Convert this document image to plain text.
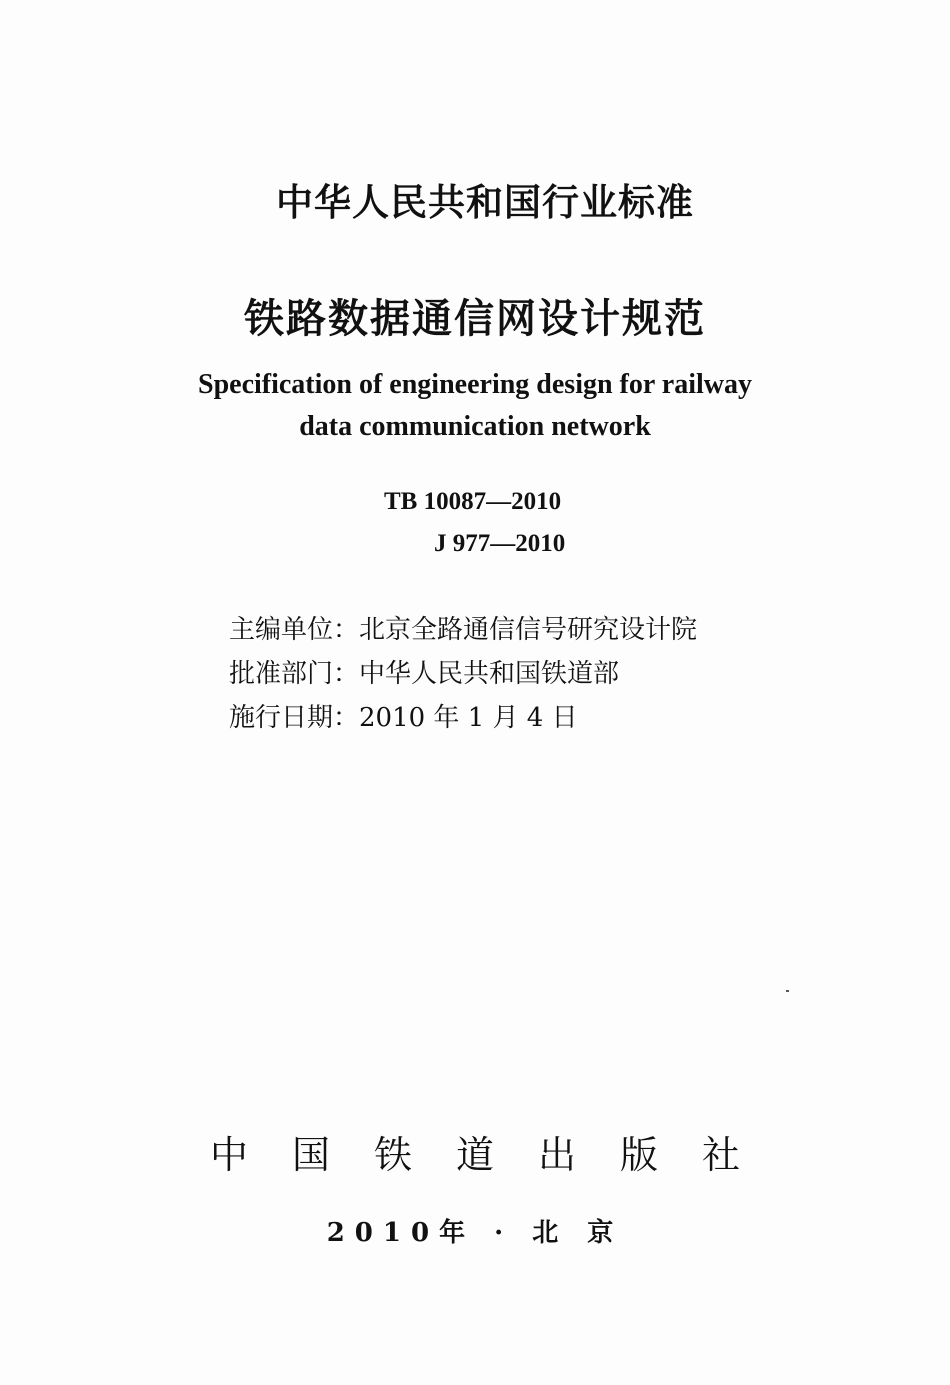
中华人民共和国行业标准
铁路数据通信网设计规范
Specification of engineering design for railway
data communication network
TB 10087—2010
J 977—2010
主编单位：北京全路通信信号研究设计院
批准部门：中华人民共和国铁道部
施行日期：2010 年 1 月 4 日
中国铁道出版社
2010年 · 北 京
